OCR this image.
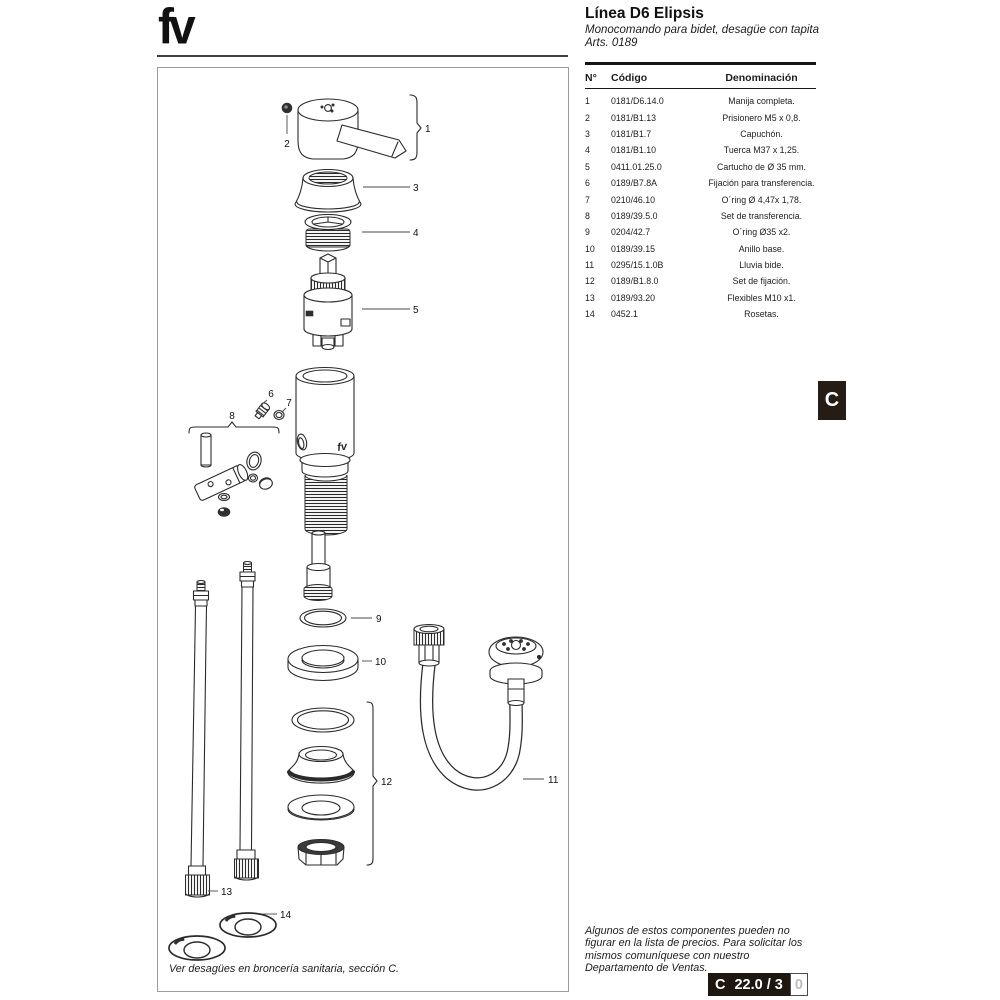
fv	Línea D6 Elipsis

Monocomando para bidet, desagüe con tapita

Arts. 0189

N°	Código	Denominación
1	0181/D6.14.0	Manija completa.
2	0181/B1.13	Prisionero M5 x 0,8.
3	0181/B1.7	Capuchón.
4	0181/B1.10	Tuerca M37 x 1,25.
5	0411.01.25.0	Cartucho de Ø 35 mm.
6	0189/B7.8A	Fijación para transferencia.
7	0210/46.10	O´ring Ø 4,47x 1,78.
8	0189/39.5.0	Set de transferencia.
9	0204/42.7	O´ring Ø35 x2.
10	0189/39.15	Anillo base.
11	0295/15.1.0B	Lluvia bide.
12	0189/B1.8.0	Set de fijación.
13	0189/93.20	Flexibles M10 x1.
14	0452.1	Rosetas.
C
Algunos de estos componentes pueden no figurar en la lista de precios. Para solicitar los mismos comuníquese con nuestro Departamento de Ventas.
C 22.0 / 3 0
1
2
3
4
5
6
7
8
fv
9
10
12	11
13
14
Ver desagües en broncería sanitaria, sección C.
